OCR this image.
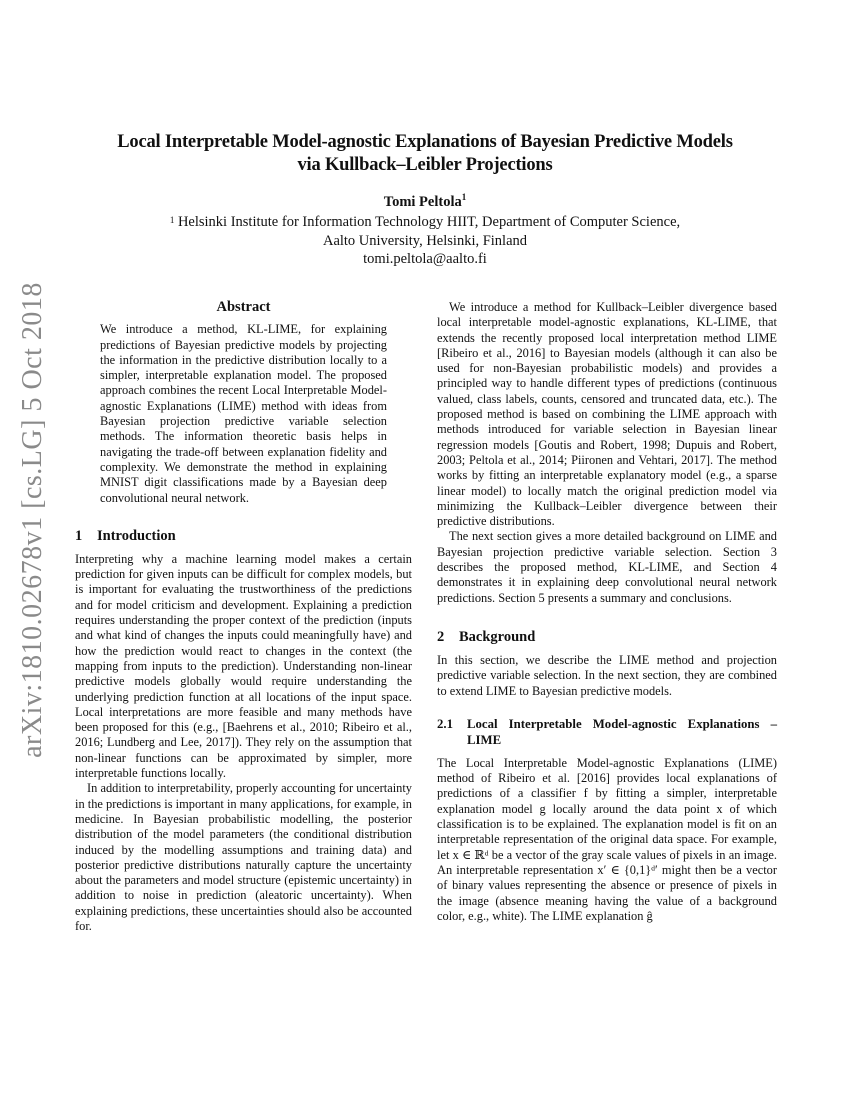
arXiv:1810.02678v1 [cs.LG] 5 Oct 2018
Local Interpretable Model-agnostic Explanations of Bayesian Predictive Models
via Kullback–Leibler Projections
Tomi Peltola$^1$
$^1$ Helsinki Institute for Information Technology HIIT, Department of Computer Science,
Aalto University, Helsinki, Finland
tomi.peltola@aalto.fi
Abstract

We introduce a method, KL-LIME, for explaining predictions of Bayesian predictive models by projecting the information in the predictive distribution locally to a simpler, interpretable explanation model. The proposed approach combines the recent Local Interpretable Model-agnostic Explanations (LIME) method with ideas from Bayesian projection predictive variable selection methods. The information theoretic basis helps in navigating the trade-off between explanation fidelity and complexity. We demonstrate the method in explaining MNIST digit classifications made by a Bayesian deep convolutional neural network.

1 Introduction

Interpreting why a machine learning model makes a certain prediction for given inputs can be difficult for complex models, but is important for evaluating the trustworthiness of the predictions and for model criticism and development. Explaining a prediction requires understanding the proper context of the prediction (inputs and what kind of changes the inputs could meaningfully have) and how the prediction would react to changes in the context (the mapping from inputs to the prediction). Understanding non-linear predictive models globally would require understanding the underlying prediction function at all locations of the input space. Local interpretations are more feasible and many methods have been proposed for this (e.g., [Baehrens et al., 2010; Ribeiro et al., 2016; Lundberg and Lee, 2017]). They rely on the assumption that non-linear functions can be approximated by simpler, more interpretable functions locally.

In addition to interpretability, properly accounting for uncertainty in the predictions is important in many applications, for example, in medicine. In Bayesian probabilistic modelling, the posterior distribution of the model parameters (the conditional distribution induced by the modelling assumptions and training data) and posterior predictive distributions naturally capture the uncertainty about the parameters and model structure (epistemic uncertainty) in addition to noise in prediction (aleatoric uncertainty). When explaining predictions, these uncertainties should also be accounted for.

We introduce a method for Kullback–Leibler divergence based local interpretable model-agnostic explanations, KL-LIME, that extends the recently proposed local interpretation method LIME [Ribeiro et al., 2016] to Bayesian models (although it can also be used for non-Bayesian probabilistic models) and provides a principled way to handle different types of predictions (continuous valued, class labels, counts, censored and truncated data, etc.). The proposed method is based on combining the LIME approach with methods introduced for variable selection in Bayesian linear regression models [Goutis and Robert, 1998; Dupuis and Robert, 2003; Peltola et al., 2014; Piironen and Vehtari, 2017]. The method works by fitting an interpretable explanatory model (e.g., a sparse linear model) to locally match the original prediction model via minimizing the Kullback–Leibler divergence between their predictive distributions.

The next section gives a more detailed background on LIME and Bayesian projection predictive variable selection. Section 3 describes the proposed method, KL-LIME, and Section 4 demonstrates it in explaining deep convolutional neural network predictions. Section 5 presents a summary and conclusions.

2 Background

In this section, we describe the LIME method and projection predictive variable selection. In the next section, they are combined to extend LIME to Bayesian predictive models.

2.1	Local Interpretable Model-agnostic Explanations – LIME

The Local Interpretable Model-agnostic Explanations (LIME) method of Ribeiro et al. [2016] provides local explanations of predictions of a classifier f by fitting a simpler, interpretable explanation model g locally around the data point x of which classification is to be explained. The explanation model is fit on an interpretable representation of the original data space. For example, let x ∈ ℝᵈ be a vector of the gray scale values of pixels in an image. An interpretable representation x′ ∈ {0,1}ᵈ′ might then be a vector of binary values representing the absence or presence of pixels in the image (absence meaning having the value of a background color, e.g., white). The LIME explanation ĝ
